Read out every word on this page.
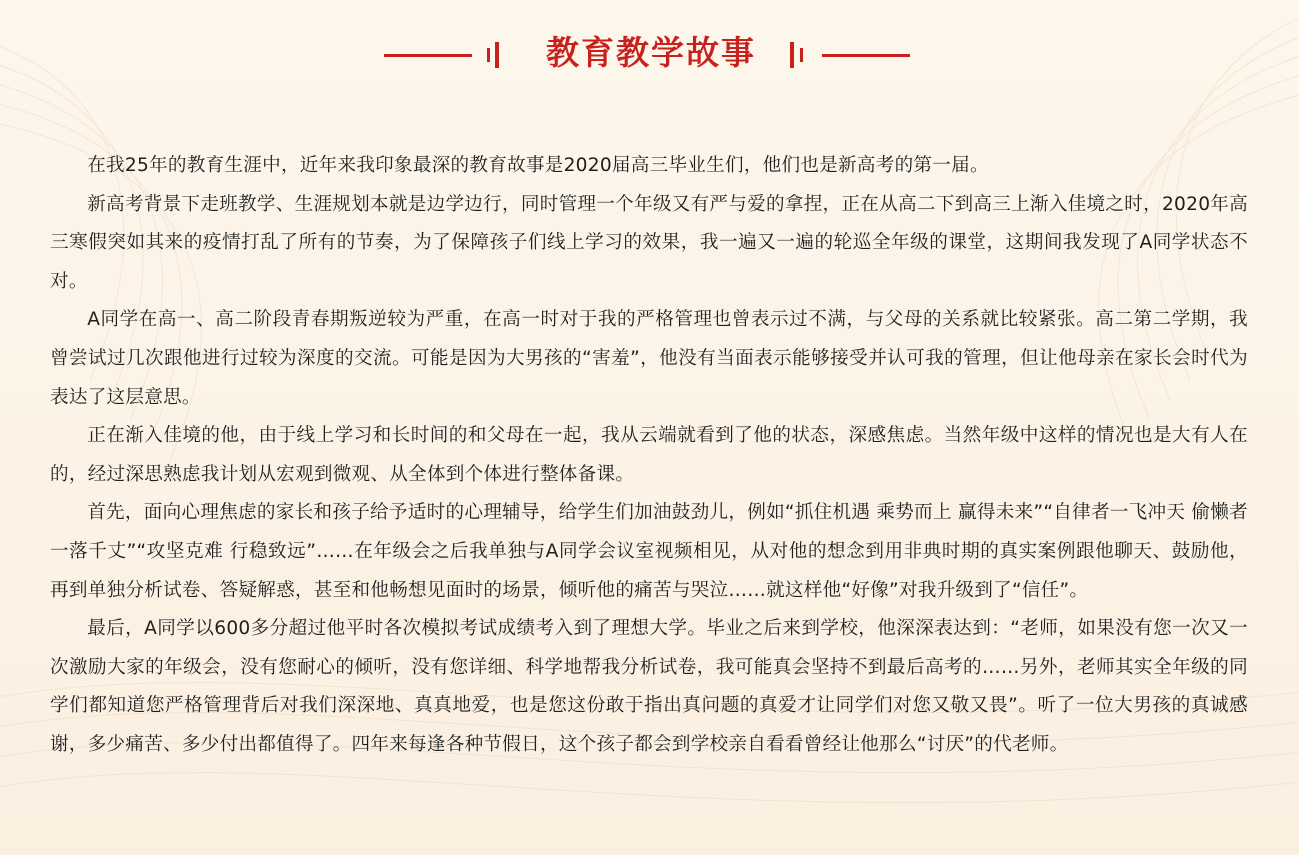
教育教学故事

在我25年的教育生涯中，近年来我印象最深的教育故事是2020届高三毕业生们，他们也是新高考的第一届。

新高考背景下走班教学、生涯规划本就是边学边行，同时管理一个年级又有严与爱的拿捏，正在从高二下到高三上渐入佳境之时，2020年高三寒假突如其来的疫情打乱了所有的节奏，为了保障孩子们线上学习的效果，我一遍又一遍的轮巡全年级的课堂，这期间我发现了A同学状态不对。

A同学在高一、高二阶段青春期叛逆较为严重，在高一时对于我的严格管理也曾表示过不满，与父母的关系就比较紧张。高二第二学期，我曾尝试过几次跟他进行过较为深度的交流。可能是因为大男孩的“害羞”，他没有当面表示能够接受并认可我的管理，但让他母亲在家长会时代为表达了这层意思。

正在渐入佳境的他，由于线上学习和长时间的和父母在一起，我从云端就看到了他的状态，深感焦虑。当然年级中这样的情况也是大有人在的，经过深思熟虑我计划从宏观到微观、从全体到个体进行整体备课。

首先，面向心理焦虑的家长和孩子给予适时的心理辅导，给学生们加油鼓劲儿，例如“抓住机遇 乘势而上 赢得未来”“自律者一飞冲天 偷懒者一落千丈”“攻坚克难 行稳致远”……在年级会之后我单独与A同学会议室视频相见，从对他的想念到用非典时期的真实案例跟他聊天、鼓励他，再到单独分析试卷、答疑解惑，甚至和他畅想见面时的场景，倾听他的痛苦与哭泣……就这样他“好像”对我升级到了“信任”。

最后，A同学以600多分超过他平时各次模拟考试成绩考入到了理想大学。毕业之后来到学校，他深深表达到：“老师，如果没有您一次又一次激励大家的年级会，没有您耐心的倾听，没有您详细、科学地帮我分析试卷，我可能真会坚持不到最后高考的……另外，老师其实全年级的同学们都知道您严格管理背后对我们深深地、真真地爱，也是您这份敢于指出真问题的真爱才让同学们对您又敬又畏”。听了一位大男孩的真诚感谢，多少痛苦、多少付出都值得了。四年来每逢各种节假日，这个孩子都会到学校亲自看看曾经让他那么“讨厌”的代老师。
